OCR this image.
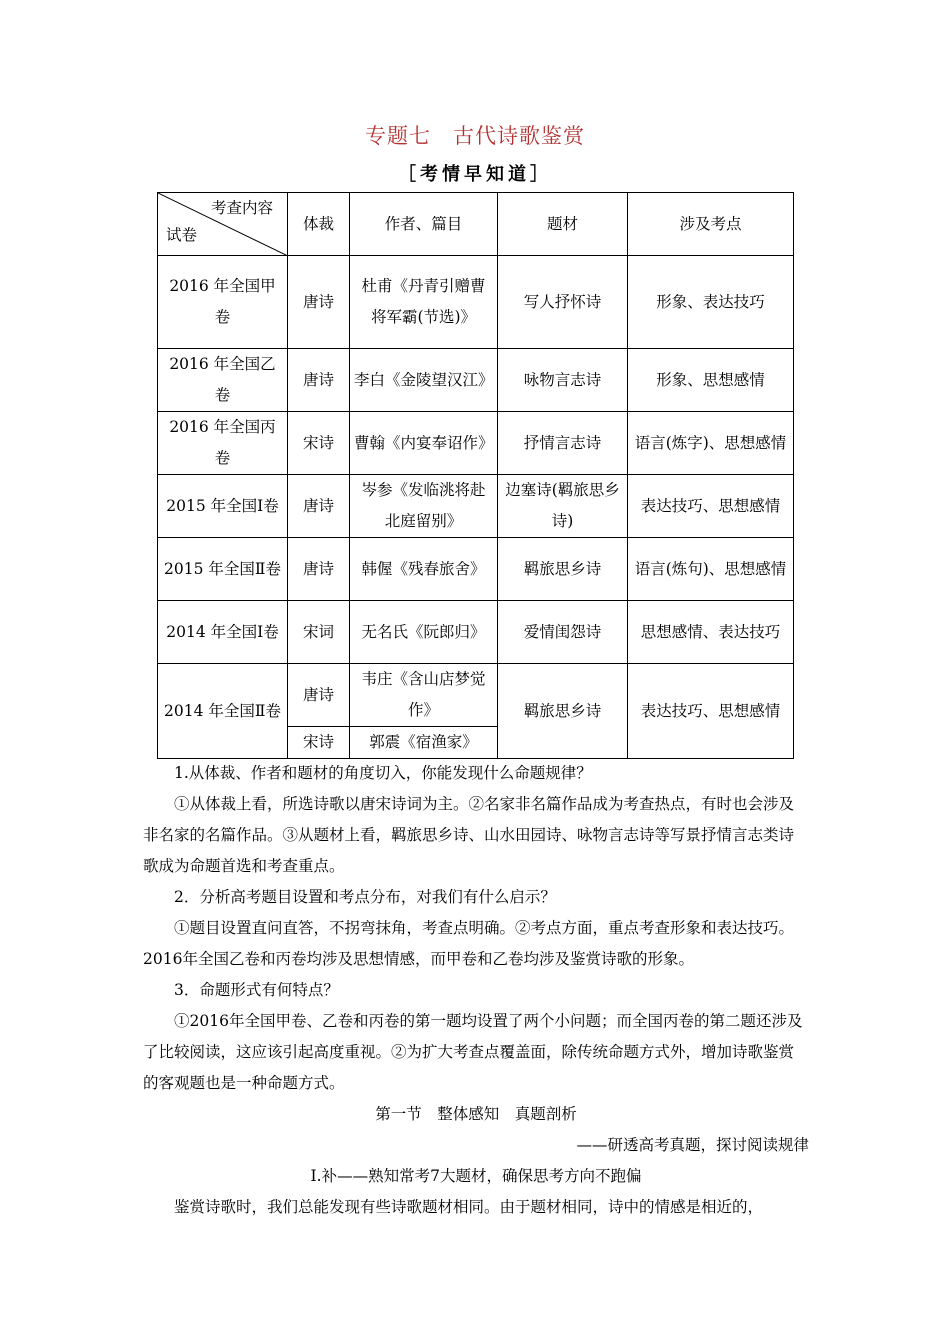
专题七　古代诗歌鉴赏
［考情早知道］
考查内容
试卷	体裁	作者、篇目	题材	涉及考点
2016 年全国甲卷	唐诗	杜甫《丹青引赠曹将军霸(节选)》	写人抒怀诗	形象、表达技巧
2016 年全国乙卷	唐诗	李白《金陵望汉江》	咏物言志诗	形象、思想感情
2016 年全国丙卷	宋诗	曹翰《内宴奉诏作》	抒情言志诗	语言(炼字)、思想感情
2015 年全国Ⅰ卷	唐诗	岑参《发临洮将赴北庭留别》	边塞诗(羁旅思乡诗)	表达技巧、思想感情
2015 年全国Ⅱ卷	唐诗	韩偓《残春旅舍》	羁旅思乡诗	语言(炼句)、思想感情
2014 年全国Ⅰ卷	宋词	无名氏《阮郎归》	爱情闺怨诗	思想感情、表达技巧
2014 年全国Ⅱ卷	唐诗	韦庄《含山店梦觉作》	羁旅思乡诗	表达技巧、思想感情
	宋诗	郭震《宿渔家》		

1.从体裁、作者和题材的角度切入，你能发现什么命题规律？

①从体裁上看，所选诗歌以唐宋诗词为主。②名家非名篇作品成为考查热点，有时也会涉及非名家的名篇作品。③从题材上看，羁旅思乡诗、山水田园诗、咏物言志诗等写景抒情言志类诗歌成为命题首选和考查重点。

2．分析高考题目设置和考点分布，对我们有什么启示？

①题目设置直问直答，不拐弯抹角，考查点明确。②考点方面，重点考查形象和表达技巧。2016年全国乙卷和丙卷均涉及思想情感，而甲卷和乙卷均涉及鉴赏诗歌的形象。

3．命题形式有何特点？

①2016年全国甲卷、乙卷和丙卷的第一题均设置了两个小问题；而全国丙卷的第二题还涉及了比较阅读，这应该引起高度重视。②为扩大考查点覆盖面，除传统命题方式外，增加诗歌鉴赏的客观题也是一种命题方式。

第一节　整体感知　真题剖析

——研透高考真题，探讨阅读规律

Ⅰ.补——熟知常考7大题材，确保思考方向不跑偏

鉴赏诗歌时，我们总能发现有些诗歌题材相同。由于题材相同，诗中的情感是相近的，
